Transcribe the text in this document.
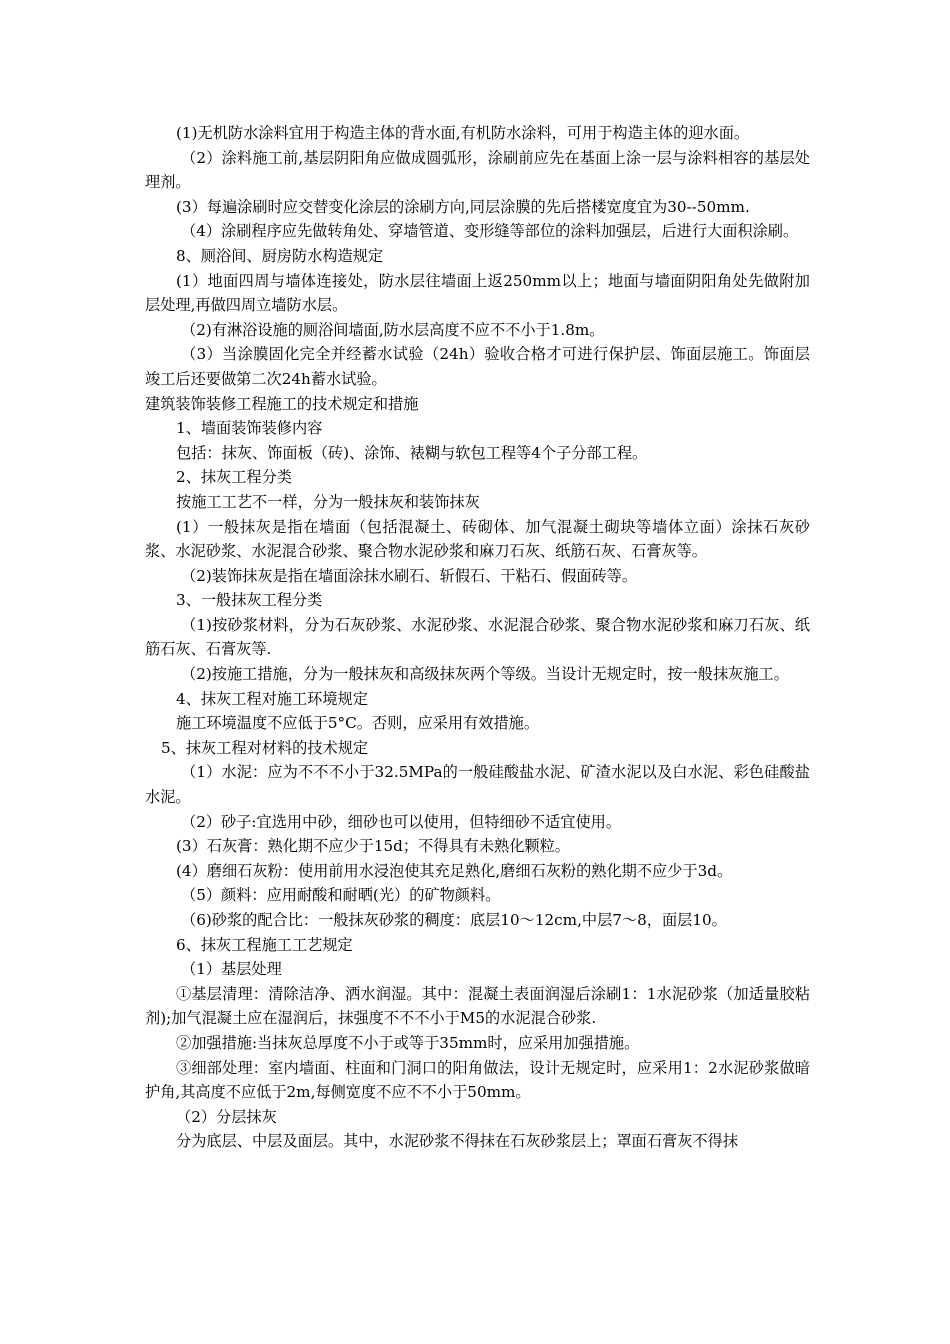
(1)无机防水涂料宜用于构造主体的背水面,有机防水涂料，可用于构造主体的迎水面。

（2）涂料施工前,基层阴阳角应做成圆弧形，涂刷前应先在基面上涂一层与涂料相容的基层处理剂。

(3）每遍涂刷时应交替变化涂层的涂刷方向,同层涂膜的先后搭楼宽度宜为30--50mm.

（4）涂刷程序应先做转角处、穿墙管道、变形缝等部位的涂料加强层，后进行大面积涂刷。

8、厕浴间、厨房防水构造规定

(1）地面四周与墙体连接处，防水层往墙面上返250mm以上；地面与墙面阴阳角处先做附加层处理,再做四周立墙防水层。

（2)有淋浴设施的厕浴间墙面,防水层高度不应不不小于1.8m。

（3）当涂膜固化完全并经蓄水试验（24h）验收合格才可进行保护层、饰面层施工。饰面层竣工后还要做第二次24h蓄水试验。

建筑装饰装修工程施工的技术规定和措施

1、墙面装饰装修内容

包括：抹灰、饰面板（砖)、涂饰、裱糊与软包工程等4个子分部工程。

2、抹灰工程分类

按施工工艺不一样，分为一般抹灰和装饰抹灰

(1）一般抹灰是指在墙面（包括混凝土、砖砌体、加气混凝土砌块等墙体立面）涂抹石灰砂浆、水泥砂浆、水泥混合砂浆、聚合物水泥砂浆和麻刀石灰、纸筋石灰、石膏灰等。

（2)装饰抹灰是指在墙面涂抹水刷石、斩假石、干粘石、假面砖等。

3、一般抹灰工程分类

（1)按砂浆材料，分为石灰砂浆、水泥砂浆、水泥混合砂浆、聚合物水泥砂浆和麻刀石灰、纸筋石灰、石膏灰等.

（2)按施工措施，分为一般抹灰和高级抹灰两个等级。当设计无规定时，按一般抹灰施工。

4、抹灰工程对施工环境规定

施工环境温度不应低于5°C。否则，应采用有效措施。

5、抹灰工程对材料的技术规定

（1）水泥：应为不不不小于32.5MPa的一般硅酸盐水泥、矿渣水泥以及白水泥、彩色硅酸盐水泥。

（2）砂子:宜选用中砂，细砂也可以使用，但特细砂不适宜使用。

(3）石灰膏：熟化期不应少于15d；不得具有未熟化颗粒。

(4）磨细石灰粉：使用前用水浸泡使其充足熟化,磨细石灰粉的熟化期不应少于3d。

（5）颜料：应用耐酸和耐晒(光）的矿物颜料。

（6)砂浆的配合比：一般抹灰砂浆的稠度：底层10～12cm,中层7～8，面层10。

6、抹灰工程施工工艺规定

（1）基层处理

①基层清理：清除洁净、洒水润湿。其中：混凝土表面润湿后涂刷1：1水泥砂浆（加适量胶粘剂);加气混凝土应在湿润后，抹强度不不不小于M5的水泥混合砂浆.

②加强措施:当抹灰总厚度不小于或等于35mm时，应采用加强措施。

③细部处理：室内墙面、柱面和门洞口的阳角做法，设计无规定时，应采用1：2水泥砂浆做暗护角,其高度不应低于2m,每侧宽度不应不不小于50mm。

（2）分层抹灰

分为底层、中层及面层。其中，水泥砂浆不得抹在石灰砂浆层上；罩面石膏灰不得抹
